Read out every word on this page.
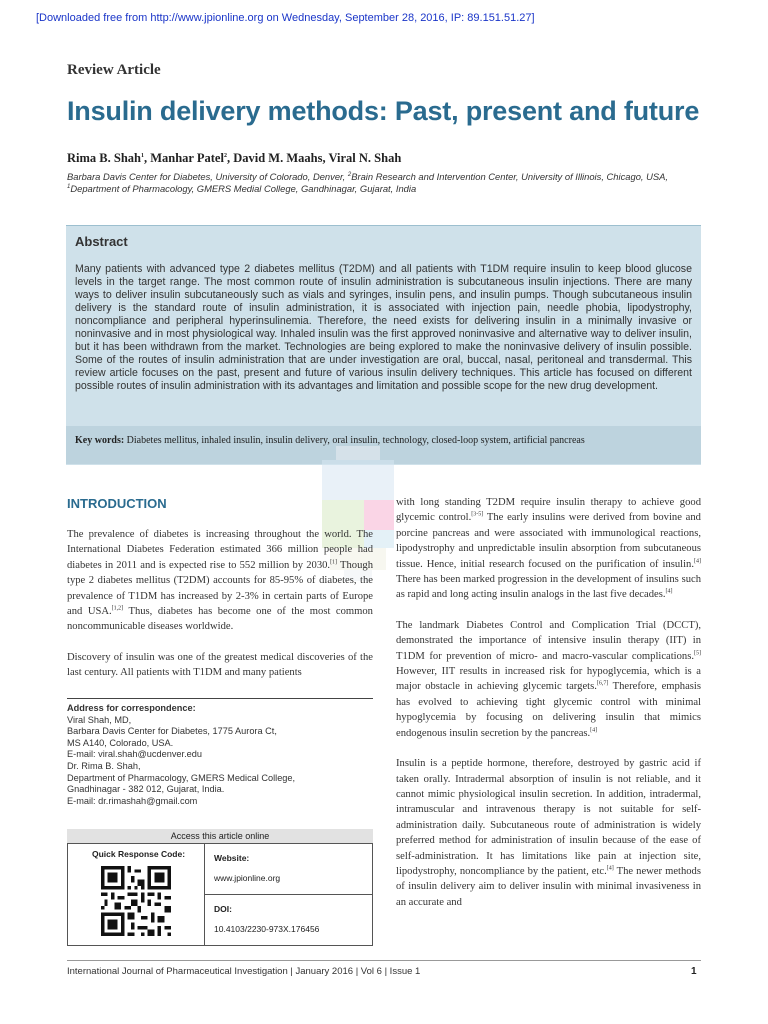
[Downloaded free from http://www.jpionline.org on Wednesday, September 28, 2016, IP: 89.151.51.27]
Review Article
Insulin delivery methods: Past, present and future
Rima B. Shah$^1$, Manhar Patel$^2$, David M. Maahs, Viral N. Shah
Barbara Davis Center for Diabetes, University of Colorado, Denver, $^2$Brain Research and Intervention Center, University of Illinois, Chicago, USA,
$^1$Department of Pharmacology, GMERS Medial College, Gandhinagar, Gujarat, India
Abstract
Many patients with advanced type 2 diabetes mellitus (T2DM) and all patients with T1DM require insulin to keep blood glucose levels in the target range. The most common route of insulin administration is subcutaneous insulin injections. There are many ways to deliver insulin subcutaneously such as vials and syringes, insulin pens, and insulin pumps. Though subcutaneous insulin delivery is the standard route of insulin administration, it is associated with injection pain, needle phobia, lipodystrophy, noncompliance and peripheral hyperinsulinemia. Therefore, the need exists for delivering insulin in a minimally invasive or noninvasive and in most physiological way. Inhaled insulin was the first approved noninvasive and alternative way to deliver insulin, but it has been withdrawn from the market. Technologies are being explored to make the noninvasive delivery of insulin possible. Some of the routes of insulin administration that are under investigation are oral, buccal, nasal, peritoneal and transdermal. This review article focuses on the past, present and future of various insulin delivery techniques. This article has focused on different possible routes of insulin administration with its advantages and limitation and possible scope for the new drug development.
Key words: Diabetes mellitus, inhaled insulin, insulin delivery, oral insulin, technology, closed-loop system, artificial pancreas
INTRODUCTION

The prevalence of diabetes is increasing throughout the world. The International Diabetes Federation estimated 366 million people had diabetes in 2011 and is expected rise to 552 million by 2030.[1] Though type 2 diabetes mellitus (T2DM) accounts for 85-95% of diabetes, the prevalence of T1DM has increased by 2-3% in certain parts of Europe and USA.[1,2] Thus, diabetes has become one of the most common noncommunicable diseases worldwide.

Discovery of insulin was one of the greatest medical discoveries of the last century. All patients with T1DM and many patients

with long standing T2DM require insulin therapy to achieve good glycemic control.[3-5] The early insulins were derived from bovine and porcine pancreas and were associated with immunological reactions, lipodystrophy and unpredictable insulin absorption from subcutaneous tissue. Hence, initial research focused on the purification of insulin.[4] There has been marked progression in the development of insulins such as rapid and long acting insulin analogs in the last five decades.[4]

The landmark Diabetes Control and Complication Trial (DCCT), demonstrated the importance of intensive insulin therapy (IIT) in T1DM for prevention of micro- and macro-vascular complications.[5] However, IIT results in increased risk for hypoglycemia, which is a major obstacle in achieving glycemic targets.[6,7] Therefore, emphasis has evolved to achieving tight glycemic control with minimal hypoglycemia by focusing on delivering insulin that mimics endogenous insulin secretion by the pancreas.[4]

Insulin is a peptide hormone, therefore, destroyed by gastric acid if taken orally. Intradermal absorption of insulin is not reliable, and it cannot mimic physiological insulin secretion. In addition, intradermal, intramuscular and intravenous therapy is not suitable for self-administration daily. Subcutaneous route of administration is widely preferred method for administration of insulin because of the ease of self-administration. It has limitations like pain at injection site, lipodystrophy, noncompliance by the patient, etc.[4] The newer methods of insulin delivery aim to deliver insulin with minimal invasiveness in an accurate and

Address for correspondence:
Viral Shah, MD,
Barbara Davis Center for Diabetes, 1775 Aurora Ct,
MS A140, Colorado, USA.
E-mail: viral.shah@ucdenver.edu
Dr. Rima B. Shah,
Department of Pharmacology, GMERS Medical College,
Gnadhinagar - 382 012, Gujarat, India.
E-mail: dr.rimashah@gmail.com
Access this article online
Quick Response Code:	Website:
www.jpionline.org
DOI:
10.4103/2230-973X.176456
International Journal of Pharmaceutical Investigation | January 2016 | Vol 6 | Issue 1	1
